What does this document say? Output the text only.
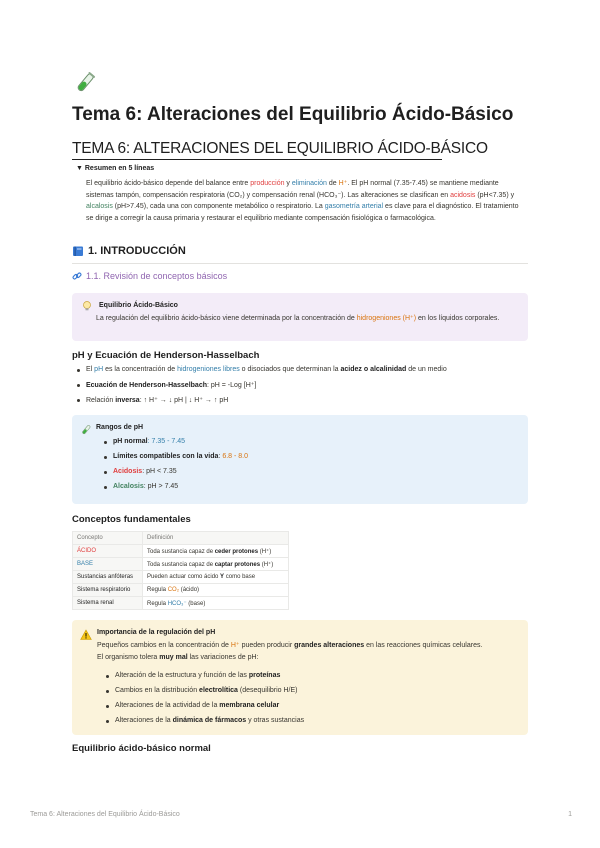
Tema 6: Alteraciones del Equilibrio Ácido-Básico
TEMA 6: ALTERACIONES DEL EQUILIBRIO ÁCIDO-BÁSICO
▼ Resumen en 5 líneas
El equilibrio ácido-básico depende del balance entre producción y eliminación de H⁺. El pH normal (7.35-7.45) se mantiene mediante sistemas tampón, compensación respiratoria (CO₂) y compensación renal (HCO₃⁻). Las alteraciones se clasifican en acidosis (pH<7.35) y alcalosis (pH>7.45), cada una con componente metabólico o respiratorio. La gasometría arterial es clave para el diagnóstico. El tratamiento se dirige a corregir la causa primaria y restaurar el equilibrio mediante compensación fisiológica o farmacológica.
1. INTRODUCCIÓN
1.1. Revisión de conceptos básicos
Equilibrio Ácido-Básico
La regulación del equilibrio ácido-básico viene determinada por la concentración de hidrogeniones (H⁺) en los líquidos corporales.
pH y Ecuación de Henderson-Hasselbach
El pH es la concentración de hidrogeniones libres o disociados que determinan la acidez o alcalinidad de un medio
Ecuación de Henderson-Hasselbach: pH = -Log [H⁺]
Relación inversa: ↑ H⁺ → ↓ pH | ↓ H⁺ → ↑ pH
Rangos de pH
pH normal: 7.35 - 7.45
Límites compatibles con la vida: 6.8 - 8.0
Acidosis: pH < 7.35
Alcalosis: pH > 7.45
Conceptos fundamentales
Concepto	Definición
ÁCIDO	Toda sustancia capaz de ceder protones (H⁺)
BASE	Toda sustancia capaz de captar protones (H⁺)
Sustancias anfóteras	Pueden actuar como ácido Y como base
Sistema respiratorio	Regula CO₂ (ácido)
Sistema renal	Regula HCO₃⁻ (base)
Importancia de la regulación del pH
Pequeños cambios en la concentración de H⁺ pueden producir grandes alteraciones en las reacciones químicas celulares.
El organismo tolera muy mal las variaciones de pH:
Alteración de la estructura y función de las proteínas
Cambios en la distribución electrolítica (desequilibrio H/E)
Alteraciones de la actividad de la membrana celular
Alteraciones de la dinámica de fármacos y otras sustancias
Equilibrio ácido-básico normal
Tema 6: Alteraciones del Equilibrio Ácido-Básico	1
